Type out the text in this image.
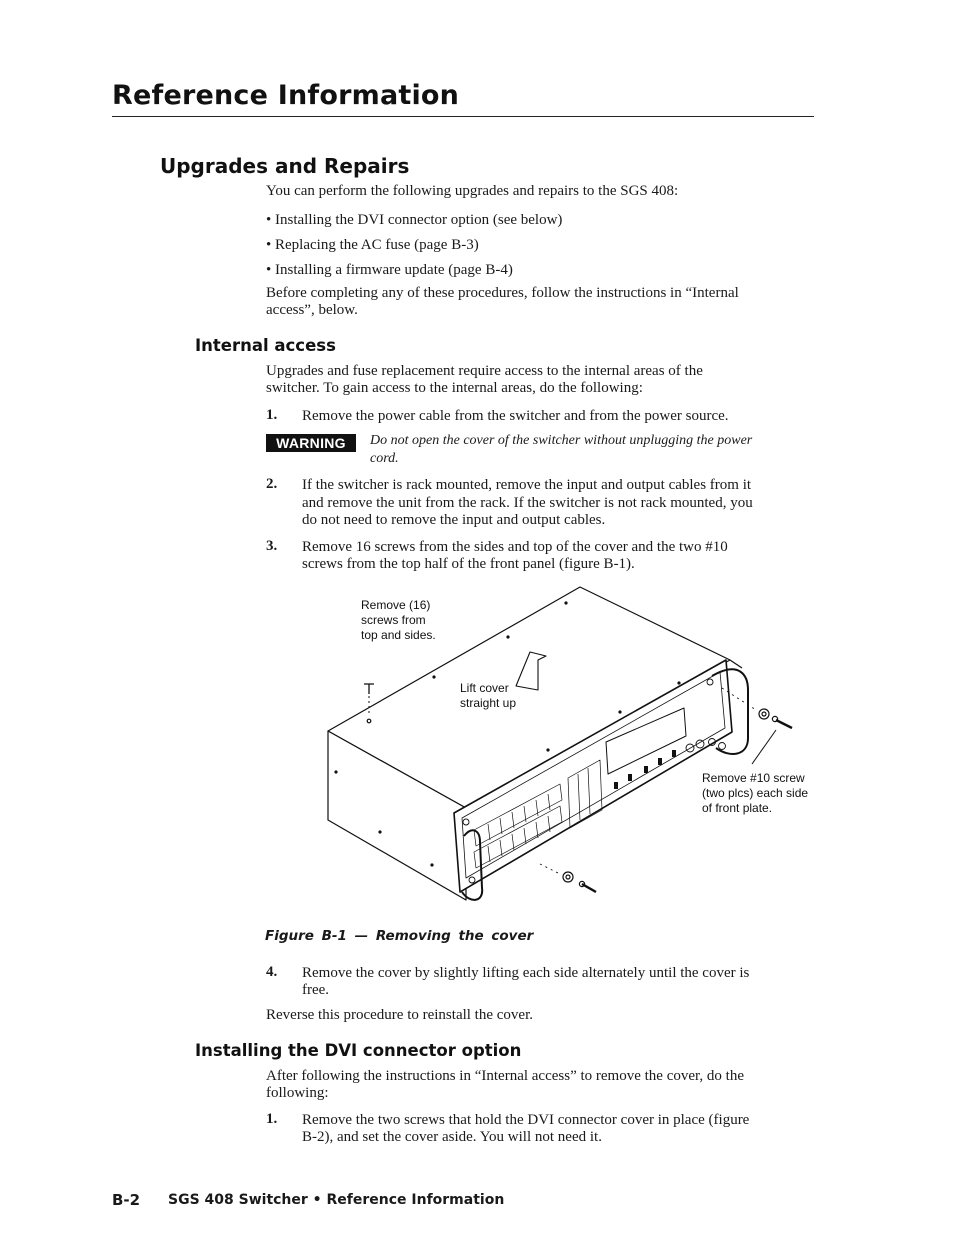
Reference Information
Upgrades and Repairs
You can perform the following upgrades and repairs to the SGS 408:
• Installing the DVI connector option (see below)
• Replacing the AC fuse (page B-3)
• Installing a firmware update (page B-4)
Before completing any of these procedures, follow the instructions in “Internal
access”, below.
Internal access
Upgrades and fuse replacement require access to the internal areas of the
switcher. To gain access to the internal areas, do the following:
1. Remove the power cable from the switcher and from the power source.
WARNING	Do not open the cover of the switcher without unplugging the power
cord.
2. If the switcher is rack mounted, remove the input and output cables from it
and remove the unit from the rack. If the switcher is not rack mounted, you
do not need to remove the input and output cables.
3. Remove 16 screws from the sides and top of the cover and the two #10
screws from the top half of the front panel (figure B-1).
Remove (16)
screws from
top and sides.
Lift cover
straight up
Remove #10 screw
(two plcs) each side
of front plate.
Figure B-1 — Removing the cover
4. Remove the cover by slightly lifting each side alternately until the cover is
free.
Reverse this procedure to reinstall the cover.
Installing the DVI connector option
After following the instructions in “Internal access” to remove the cover, do the
following:
1. Remove the two screws that hold the DVI connector cover in place (figure
B-2), and set the cover aside. You will not need it.
B-2 SGS 408 Switcher • Reference Information
